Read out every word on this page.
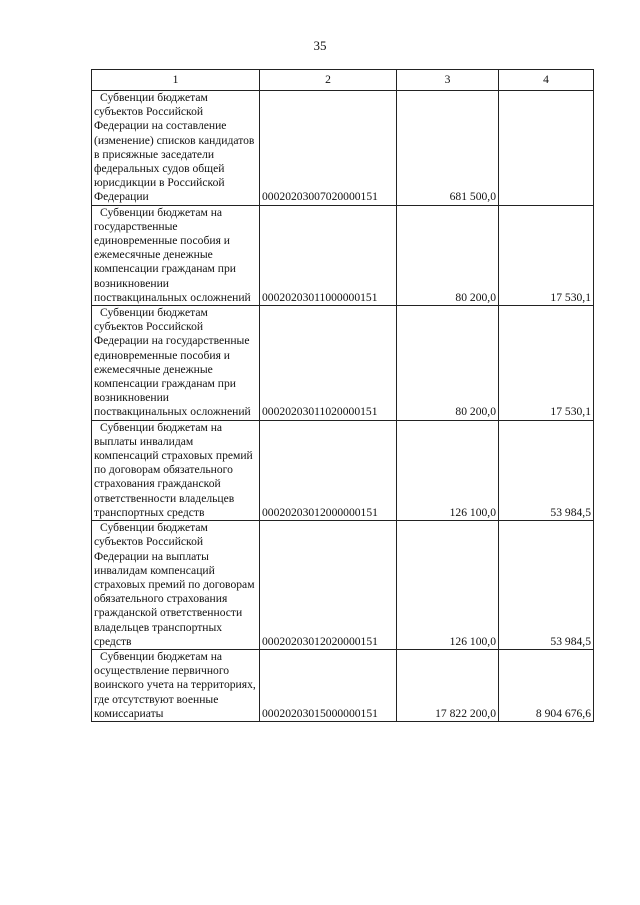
35
1	2	3	4
Субвенции бюджетам субъектов Российской Федерации на составление (изменение) списков кандидатов в присяжные заседатели федеральных судов общей юрисдикции в Российской Федерации	00020203007020000151	681 500,0	
Субвенции бюджетам на государственные единовременные пособия и ежемесячные денежные компенсации гражданам при возникновении поствакцинальных осложнений	00020203011000000151	80 200,0	17 530,1
Субвенции бюджетам субъектов Российской Федерации на государственные единовременные пособия и ежемесячные денежные компенсации гражданам при возникновении поствакцинальных осложнений	00020203011020000151	80 200,0	17 530,1
Субвенции бюджетам на выплаты инвалидам компенсаций страховых премий по договорам обязательного страхования гражданской ответственности владельцев транспортных средств	00020203012000000151	126 100,0	53 984,5
Субвенции бюджетам субъектов Российской Федерации на выплаты инвалидам компенсаций страховых премий по договорам обязательного страхования гражданской ответственности владельцев транспортных средств	00020203012020000151	126 100,0	53 984,5
Субвенции бюджетам на осуществление первичного воинского учета на территориях, где отсутствуют военные комиссариаты	00020203015000000151	17 822 200,0	8 904 676,6
